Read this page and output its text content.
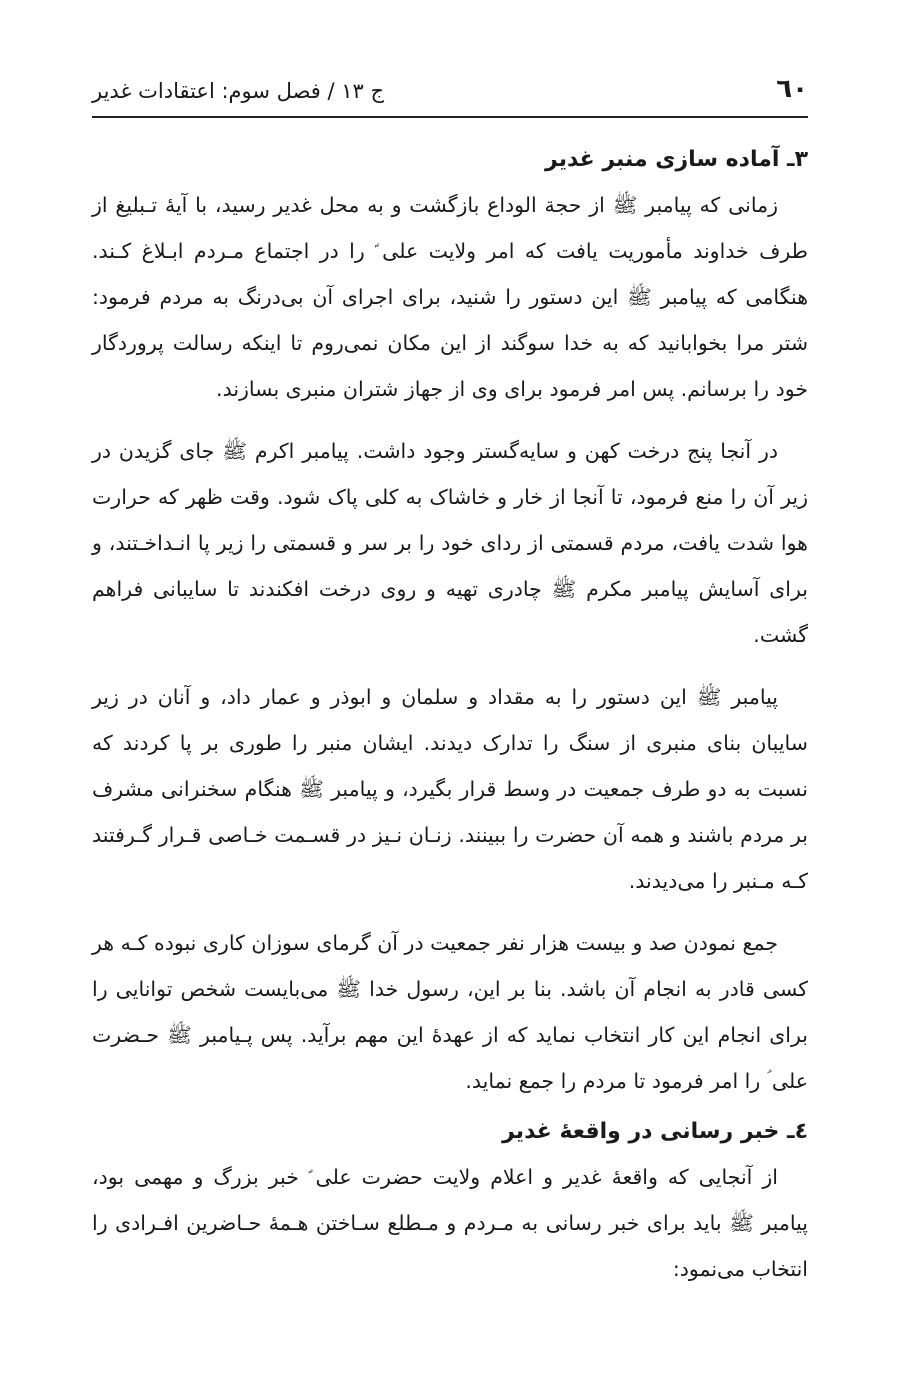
٦٠
ج ١٣ / فصل سوم: اعتقادات غدیر
٣ـ آماده سازی منبر غدیر

زمانی که پیامبر ﷺ از حجة الوداع بازگشت و به محل غدیر رسید، با آیۀ تـبلیغ از طرف خداوند مأموریت یافت که امر ولایت علی ؑ را در اجتماع مـردم ابـلاغ کـند. هنگامی که پیامبر ﷺ این دستور را شنید، برای اجرای آن بی‌درنگ به مردم فرمود: شتر مرا بخوابانید که به خدا سوگند از این مکان نمی‌روم تا اینکه رسالت پروردگار خود را برسانم. پس امر فرمود برای وی از جهاز شتران منبری بسازند.

در آنجا پنج درخت کهن و سایه‌گستر وجود داشت. پیامبر اکرم ﷺ جای گزیدن در زیر آن را منع فرمود، تا آنجا از خار و خاشاک به کلی پاک شود. وقت ظهر که حرارت هوا شدت یافت، مردم قسمتی از ردای خود را بر سر و قسمتی را زیر پا انـداخـتند، و برای آسایش پیامبر مکرم ﷺ چادری تهیه و روی درخت افکندند تا سایبانی فراهم گشت.

پیامبر ﷺ این دستور را به مقداد و سلمان و ابوذر و عمار داد، و آنان در زیر سایبان بنای منبری از سنگ را تدارک دیدند. ایشان منبر را طوری بر پا کردند که نسبت به دو طرف جمعیت در وسط قرار بگیرد، و پیامبر ﷺ هنگام سخنرانی مشرف بر مردم باشند و همه آن حضرت را ببینند. زنـان نـیز در قسـمت خـاصی قـرار گـرفتند کـه مـنبر را می‌دیدند.

جمع نمودن صد و بیست هزار نفر جمعیت در آن گرمای سوزان کاری نبوده کـه هر کسی قادر به انجام آن باشد. بنا بر این، رسول خدا ﷺ می‌بایست شخص توانایی را برای انجام این کار انتخاب نماید که از عهدۀ این مهم برآید. پس پـیامبر ﷺ حـضرت علی ؑ را امر فرمود تا مردم را جمع نماید.

٤ـ خبر رسانی در واقعۀ غدیر

از آنجایی که واقعۀ غدیر و اعلام ولایت حضرت علی ؑ خبر بزرگ و مهمی بود، پیامبر ﷺ باید برای خبر رسانی به مـردم و مـطلع سـاختن هـمۀ حـاضرین افـرادی را انتخاب می‌نمود:
